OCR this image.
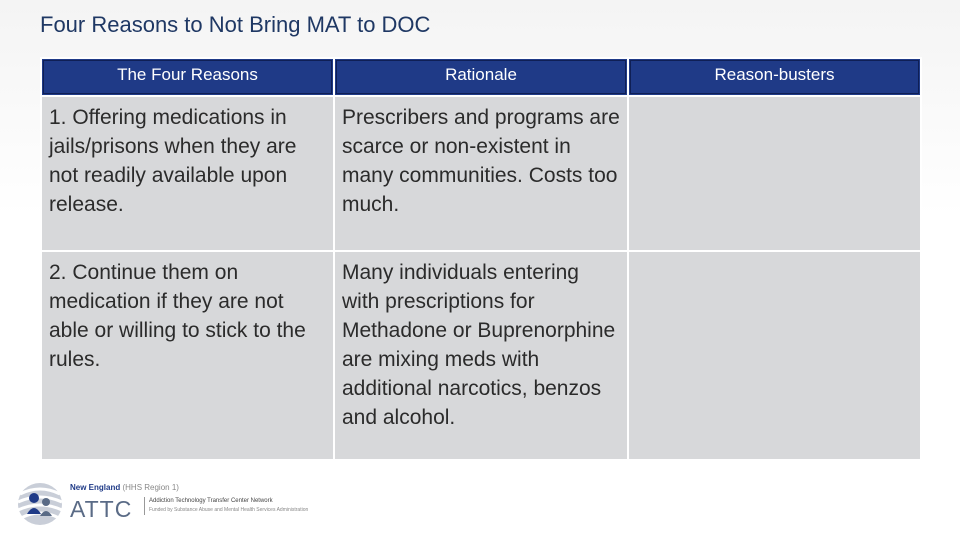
Four Reasons to Not Bring MAT to DOC
The Four Reasons	Rationale	Reason-busters
1. Offering medications in jails/prisons when they are not readily available upon release.	Prescribers and programs are scarce or non-existent in many communities. Costs too much.	
2. Continue them on medication if they are not able or willing to stick to the rules.	Many individuals entering with prescriptions for Methadone or Buprenorphine are mixing meds with additional narcotics, benzos and alcohol.	
New England (HHS Region 1)
ATTC	Addiction Technology Transfer Center Network
Funded by Substance Abuse and Mental Health Services Administration
